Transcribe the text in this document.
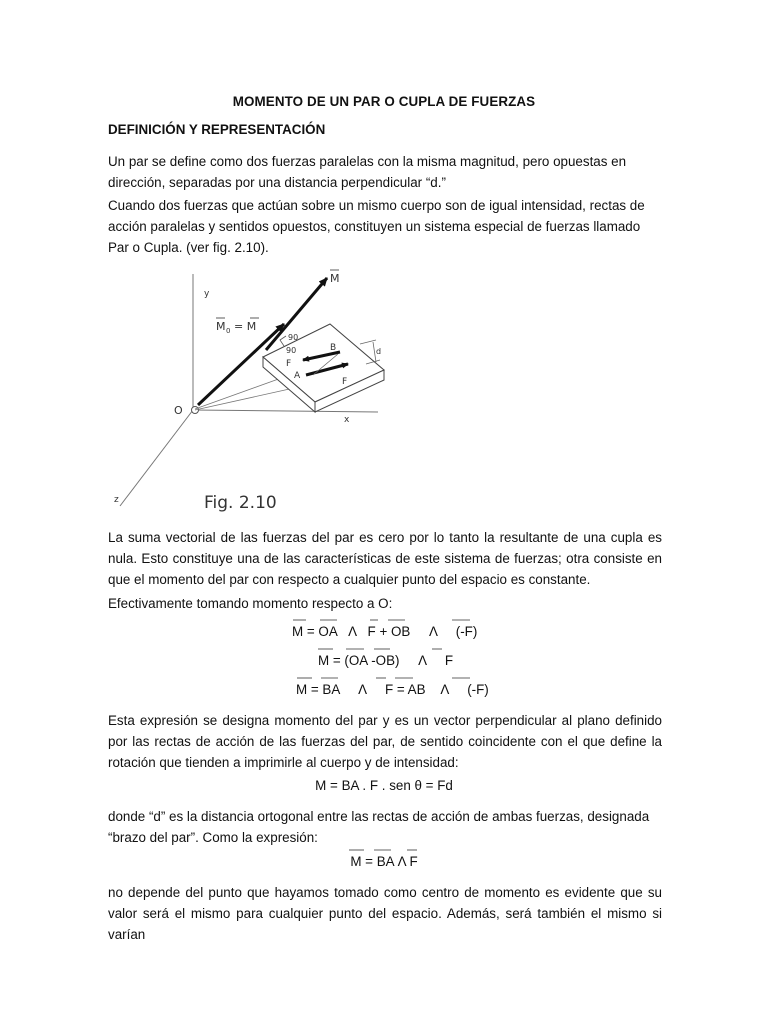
MOMENTO DE UN PAR O CUPLA DE FUERZAS
DEFINICIÓN Y REPRESENTACIÓN
Un par se define como dos fuerzas paralelas con la misma magnitud, pero opuestas en dirección, separadas por una distancia perpendicular “d.”
Cuando dos fuerzas que actúan sobre un mismo cuerpo son de igual intensidad, rectas de acción paralelas y sentidos opuestos, constituyen un sistema especial de fuerzas llamado Par o Cupla. (ver fig. 2.10).
y
x
z
O
M
M 0 = M
90
90	B
A
F
F
d
Fig. 2.10
La suma vectorial de las fuerzas del par es cero por lo tanto la resultante de una cupla es nula. Esto constituye una de las características de este sistema de fuerzas; otra consiste en que el momento del par con respecto a cualquier punto del espacio es constante.
Efectivamente tomando momento respecto a O:
M = OA   Λ   F + OB     Λ     (-F)
M = (OA -OB)     Λ     F
M = BA     Λ     F = AB    Λ     (-F)
Esta expresión se designa momento del par y es un vector perpendicular al plano definido por las rectas de acción de las fuerzas del par, de sentido coincidente con el que define la rotación que tienden a imprimirle al cuerpo y de intensidad:
M = BA . F . sen θ = Fd
donde “d” es la distancia ortogonal entre las rectas de acción de ambas fuerzas, designada “brazo del par”. Como la expresión:
M = BA Λ F
no depende del punto que hayamos tomado como centro de momento es evidente que su valor será el mismo para cualquier punto del espacio. Además, será también el mismo si varían
